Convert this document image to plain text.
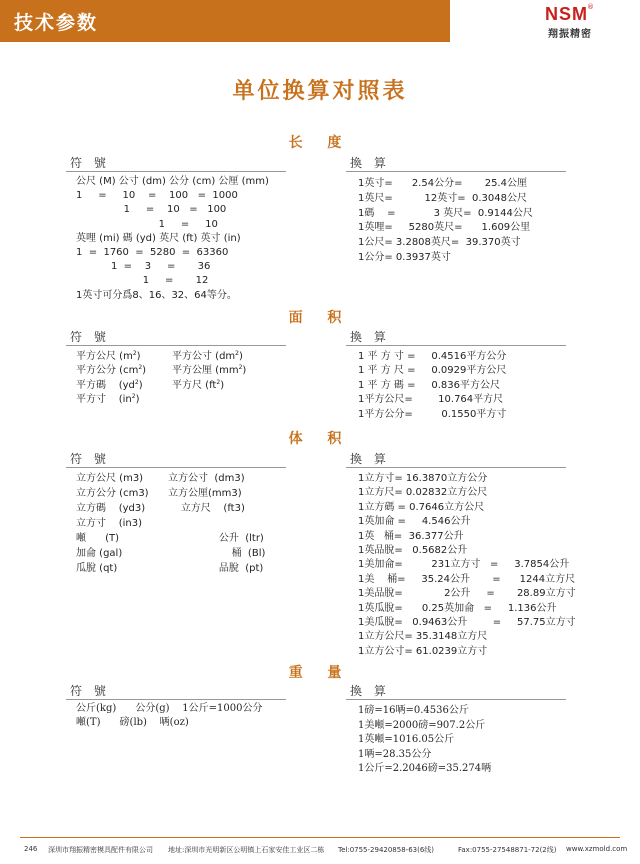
技术参数	NSM ®
翔振精密
单位换算对照表
长 度
符 號	換 算
公尺 (M) 公寸 (dm) 公分 (cm) 公厘 (mm)
1     =     10    =    100   =  1000
1     =    10   =   100
1     =     10
英哩 (mi) 碼 (yd) 英尺 (ft) 英寸 (in)
1  =  1760  =  5280  =  63360
1  =    3     =       36
1     =       12
1英寸可分爲8、16、32、64等分。
1英寸=      2.54公分=       25.4公厘
1英尺=          12英寸=  0.3048公尺
1碼    =            3 英尺=  0.9144公尺
1英哩=     5280英尺=      1.609公里
1公尺= 3.2808英尺=  39.370英寸
1公分= 0.3937英寸
面 积
符 號	換 算
平方公尺 $(m^2)$	平方公寸 $(dm^2)$
平方公分 $(cm^2)$	平方公厘 $(mm^2)$
平方碼    $(yd^2)$	平方尺 $(ft^2)$
平方寸    $(in^2)$
1 平 方 寸 =     0.4516平方公分
1 平 方 尺 =     0.0929平方公尺
1 平 方 碼 =     0.836平方公尺
1平方公尺=        10.764平方尺
1平方公分=         0.1550平方寸
体 积
符 號	換 算
立方公尺 (m3) 立方公寸  (dm3)
立方公分 (cm3) 立方公厘(mm3)
立方碼    (yd3) 立方尺    (ft3)
立方寸    (in3)
噸      (T)	公升  (ltr)
加侖 (gal)	桶  (Bl)
瓜脫 (qt)	品脫  (pt)
1立方寸= 16.3870立方公分
1立方尺= 0.02832立方公尺
1立方碼 = 0.7646立方公尺
1英加侖 =     4.546公升
1英   桶=  36.377公升
1英品脫=   0.5682公升
1美加侖=         231立方寸   =     3.7854公升
1美    桶=     35.24公升       =      1244立方尺
1美品脫=             2公升     =       28.89立方寸
1英瓜脫=      0.25英加侖   =     1.136公升
1美瓜脫=   0.9463公升        =     57.75立方寸
1立方公尺= 35.3148立方尺
1立方公寸= 61.0239立方寸
重 量
符 號	換 算
公斤(kg)      公分(g)    1公斤=1000公分
噸(T)      磅(lb)    唡(oz)
1磅=16唡=0.4536公斤
1美噸=2000磅=907.2公斤
1英噸=1016.05公斤
1唡=28.35公分
1公斤=2.2046磅=35.274唡
246 深圳市翔振精密模具配件有限公司 地址:深圳市光明新区公明镇上石家安佳工业区二栋 Tel:0755-29420858-63(6线)	Fax:0755-27548871-72(2线) www.xzmold.com
